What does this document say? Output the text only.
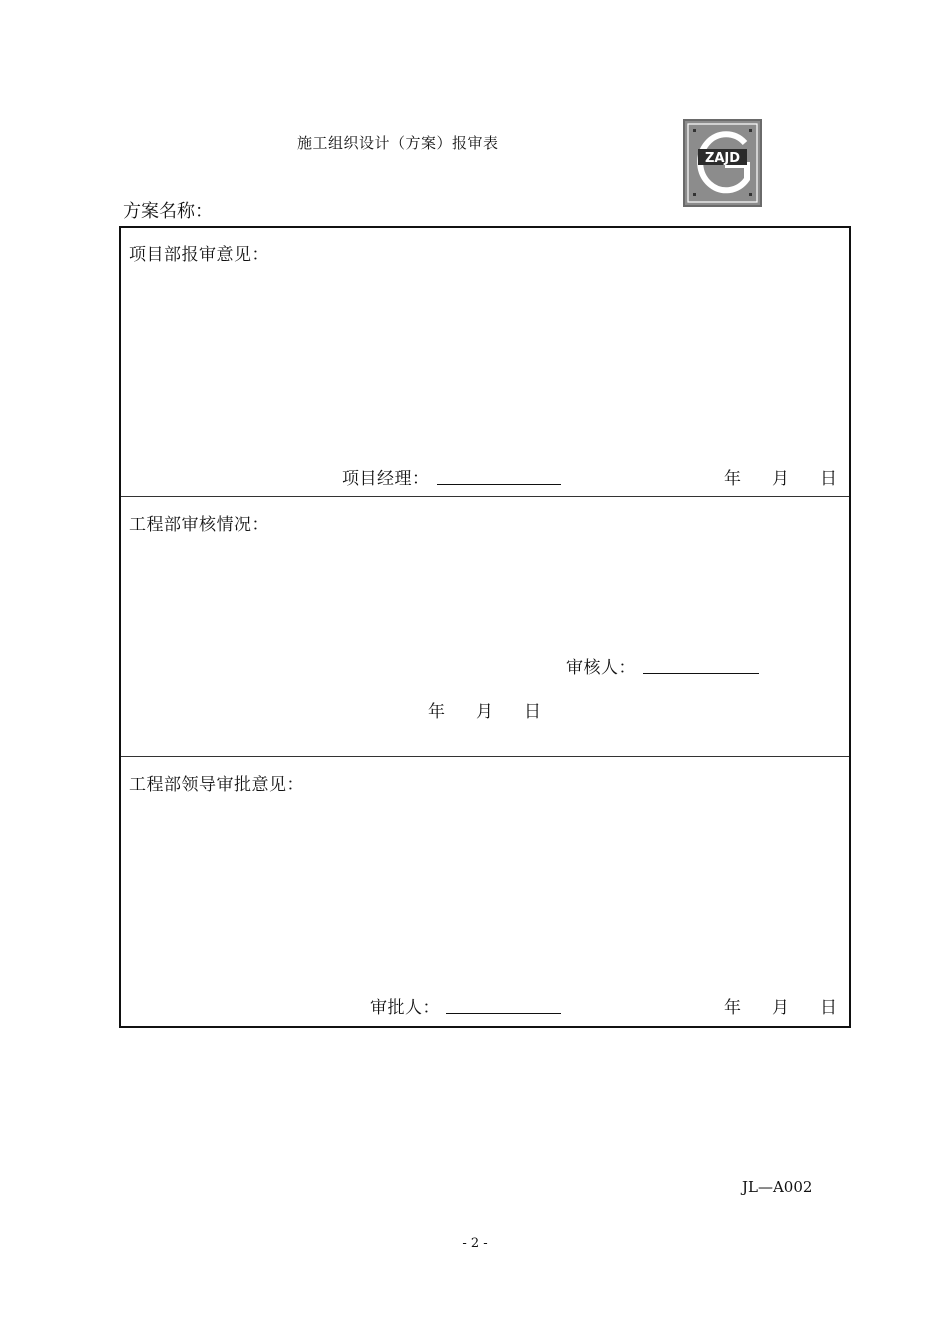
施工组织设计（方案）报审表
ZAJD
方案名称：
项目部报审意见：
项目经理：	年 月 日
工程部审核情况：
审核人：
年 月 日
工程部领导审批意见：
审批人：	年 月 日
JL—A002
- 2 -
